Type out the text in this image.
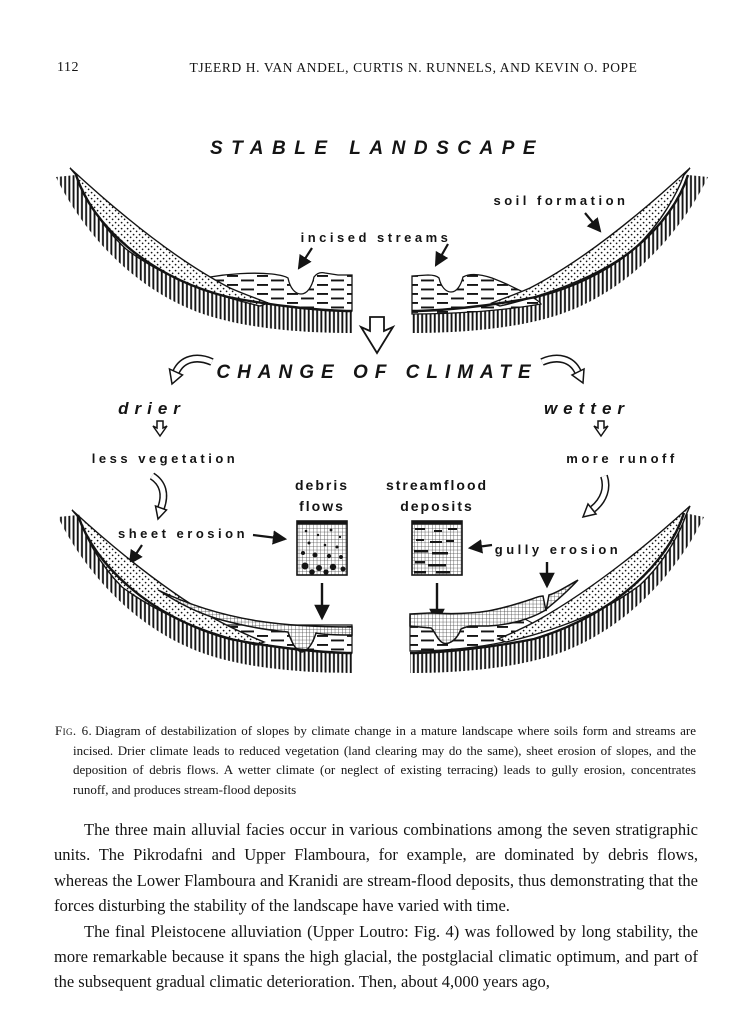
112	TJEERD H. VAN ANDEL, CURTIS N. RUNNELS, AND KEVIN O. POPE
STABLE LANDSCAPE
incised streams
soil formation
CHANGE OF CLIMATE
drier	wetter
less vegetation	more runoff
debris
flows
streamflood
deposits
sheet erosion
gully erosion
Fig. 6. Diagram of destabilization of slopes by climate change in a mature landscape where soils form and streams are incised. Drier climate leads to reduced vegetation (land clearing may do the same), sheet erosion of slopes, and the deposition of debris flows. A wetter climate (or neglect of existing terracing) leads to gully erosion, concentrates runoff, and produces stream-flood deposits

The three main alluvial facies occur in various combinations among the seven stratigraphic units. The Pikrodafni and Upper Flamboura, for example, are dominated by debris flows, whereas the Lower Flamboura and Kranidi are stream-flood deposits, thus demonstrating that the forces disturbing the stability of the landscape have varied with time.

The final Pleistocene alluviation (Upper Loutro: Fig. 4) was followed by long stability, the more remarkable because it spans the high glacial, the postglacial climatic optimum, and part of the subsequent gradual climatic deterioration. Then, about 4,000 years ago,
